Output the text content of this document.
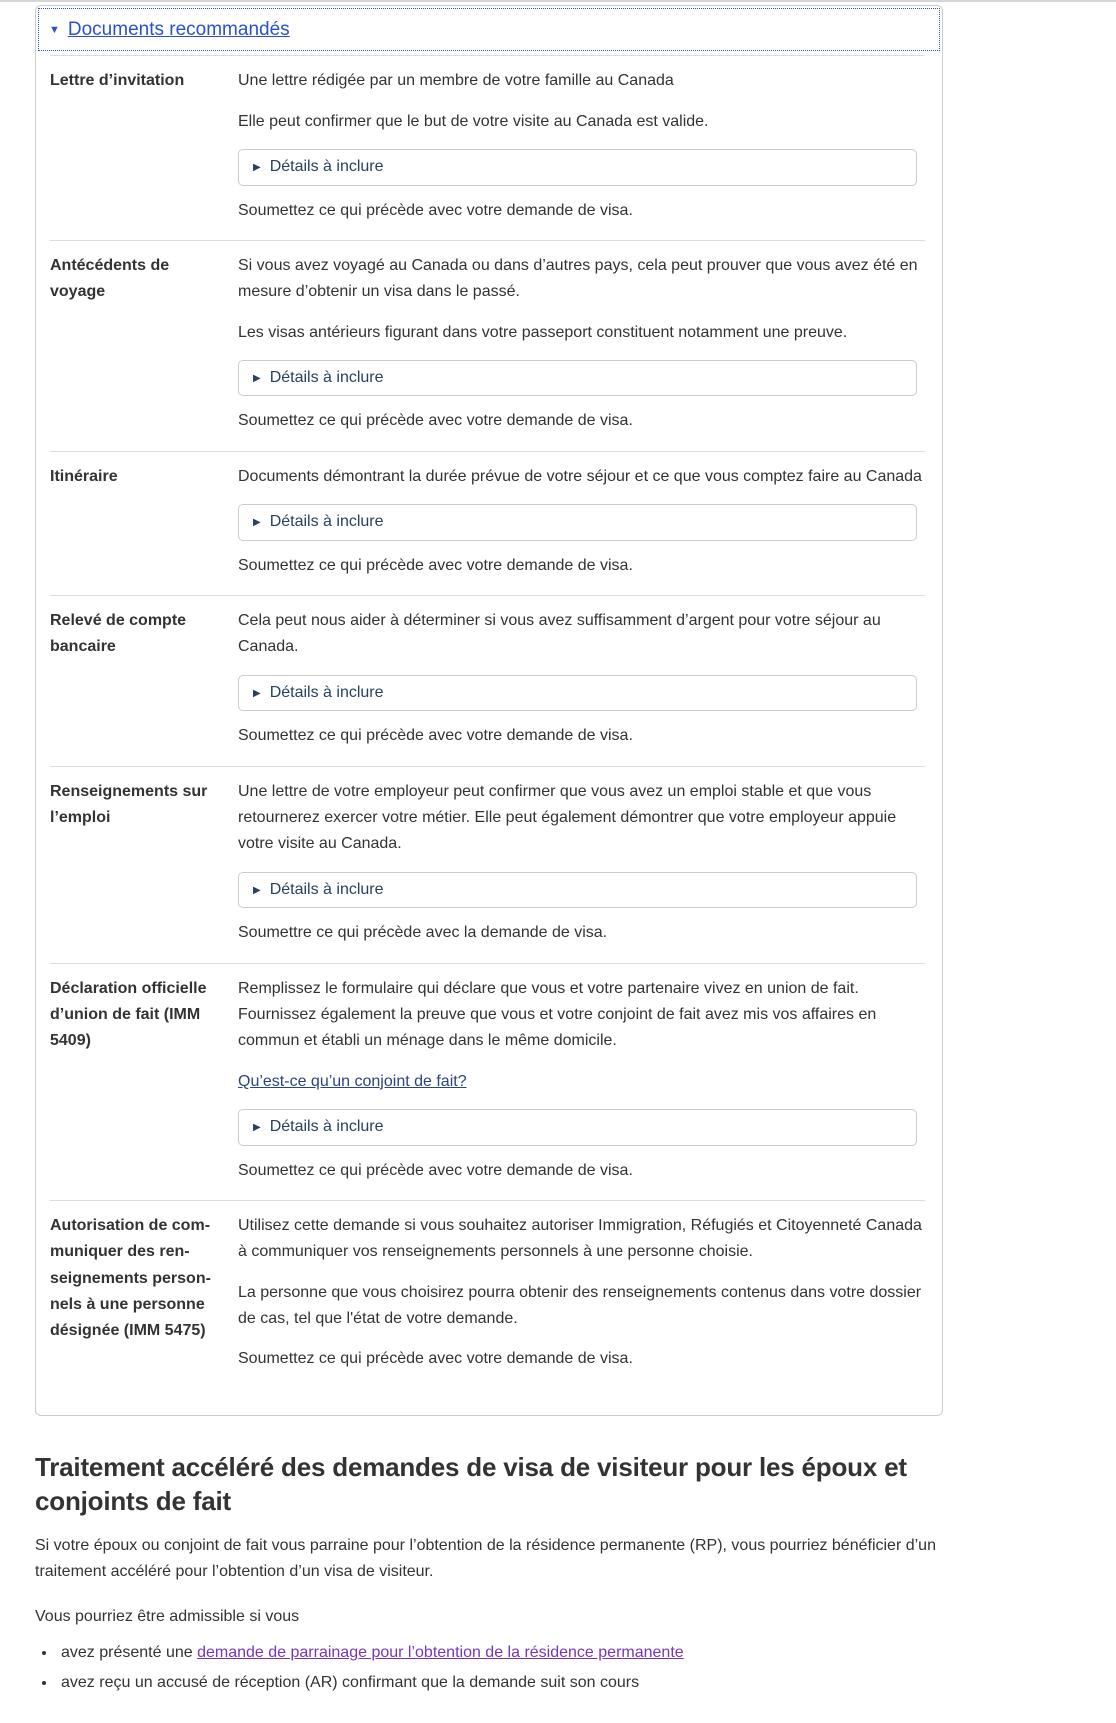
▼ Documents recommandés
Lettre d’invitation	Une lettre rédigée par un membre de votre famille au Canada

Elle peut confirmer que le but de votre visite au Canada est valide.

▶ Détails à inclure

Soumettez ce qui précède avec votre demande de visa.

Antécédents de voyage	Si vous avez voyagé au Canada ou dans d’autres pays, cela peut prouver que vous avez été en mesure d’obtenir un visa dans le passé.

Les visas antérieurs figurant dans votre passeport constituent notamment une preuve.

▶ Détails à inclure

Soumettez ce qui précède avec votre demande de visa.

Itinéraire	Documents démontrant la durée prévue de votre séjour et ce que vous comptez faire au Canada

▶ Détails à inclure

Soumettez ce qui précède avec votre demande de visa.

Relevé de compte bancaire	Cela peut nous aider à déterminer si vous avez suffisamment d’argent pour votre séjour au Canada.

▶ Détails à inclure

Soumettez ce qui précède avec votre demande de visa.

Renseignements sur l’emploi	Une lettre de votre employeur peut confirmer que vous avez un emploi stable et que vous retournerez exercer votre métier. Elle peut également démontrer que votre employeur appuie votre visite au Canada.

▶ Détails à inclure

Soumettre ce qui précède avec la demande de visa.

Déclaration officielle d’union de fait (IMM 5409)	Remplissez le formulaire qui déclare que vous et votre partenaire vivez en union de fait. Fournissez également la preuve que vous et votre conjoint de fait avez mis vos affaires en commun et établi un ménage dans le même domicile.

Qu’est-ce qu’un conjoint de fait?

▶ Détails à inclure

Soumettez ce qui précède avec votre demande de visa.

Autorisation de communiquer des renseignements personnels à une personne désignée (IMM 5475)	Utilisez cette demande si vous souhaitez autoriser Immigration, Réfugiés et Citoyenneté Canada à communiquer vos renseignements personnels à une personne choisie.

La personne que vous choisirez pourra obtenir des renseignements contenus dans votre dossier de cas, tel que l'état de votre demande.

Soumettez ce qui précède avec votre demande de visa.

Traitement accéléré des demandes de visa de visiteur pour les époux et conjoints de fait

Si votre époux ou conjoint de fait vous parraine pour l’obtention de la résidence permanente (RP), vous pourriez bénéficier d’un traitement accéléré pour l’obtention d’un visa de visiteur.

Vous pourriez être admissible si vous

• avez présenté une demande de parrainage pour l’obtention de la résidence permanente
• avez reçu un accusé de réception (AR) confirmant que la demande suit son cours
